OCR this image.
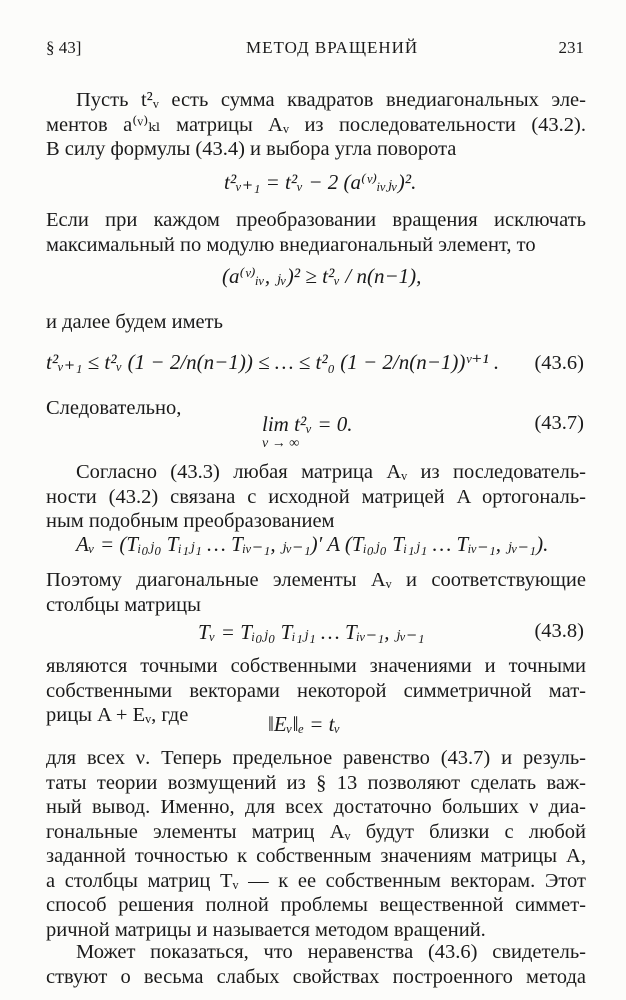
§ 43]	МЕТОД ВРАЩЕНИЙ	231
Пусть t²ᵥ есть сумма квадратов внедиагональных эле-
ментов a⁽ᵛ⁾ₖₗ матрицы Aᵥ из последовательности (43.2).
В силу формулы (43.4) и выбора угла поворота
t²ᵥ₊₁ = t²ᵥ − 2 (a⁽ᵛ⁾ᵢᵥⱼᵥ)².
Если при каждом преобразовании вращения исключать
максимальный по модулю внедиагональный элемент, то
(a⁽ᵛ⁾ᵢᵥ, ⱼᵥ)² ≥ t²ᵥ / n(n−1),
и далее будем иметь
t²ᵥ₊₁ ≤ t²ᵥ (1 − 2/n(n−1)) ≤ … ≤ t²₀ (1 − 2/n(n−1))ᵛ⁺¹ . (43.6)
Следовательно,
lim t²ᵥ = 0.
ν → ∞
(43.7)
Согласно (43.3) любая матрица Aᵥ из последователь-
ности (43.2) связана с исходной матрицей A ортогональ-
ным подобным преобразованием
Aᵥ = (Tᵢ₀ⱼ₀ Tᵢ₁ⱼ₁ … Tᵢᵥ₋₁, ⱼᵥ₋₁)′ A (Tᵢ₀ⱼ₀ Tᵢ₁ⱼ₁ … Tᵢᵥ₋₁, ⱼᵥ₋₁).
Поэтому диагональные элементы Aᵥ и соответствующие
столбцы матрицы
Tᵥ = Tᵢ₀ⱼ₀ Tᵢ₁ⱼ₁ … Tᵢᵥ₋₁, ⱼᵥ₋₁	(43.8)
являются точными собственными значениями и точными
собственными векторами некоторой симметричной мат-
рицы A + Eᵥ, где	‖Eᵥ‖ₑ = tᵥ
для всех ν. Теперь предельное равенство (43.7) и резуль-
таты теории возмущений из § 13 позволяют сделать важ-
ный вывод. Именно, для всех достаточно больших ν диа-
гональные элементы матриц Aᵥ будут близки с любой
заданной точностью к собственным значениям матрицы A,
а столбцы матриц Tᵥ — к ее собственным векторам. Этот
способ решения полной проблемы вещественной симмет-
ричной матрицы и называется методом вращений.
Может показаться, что неравенства (43.6) свидетель-
ствуют о весьма слабых свойствах построенного метода
